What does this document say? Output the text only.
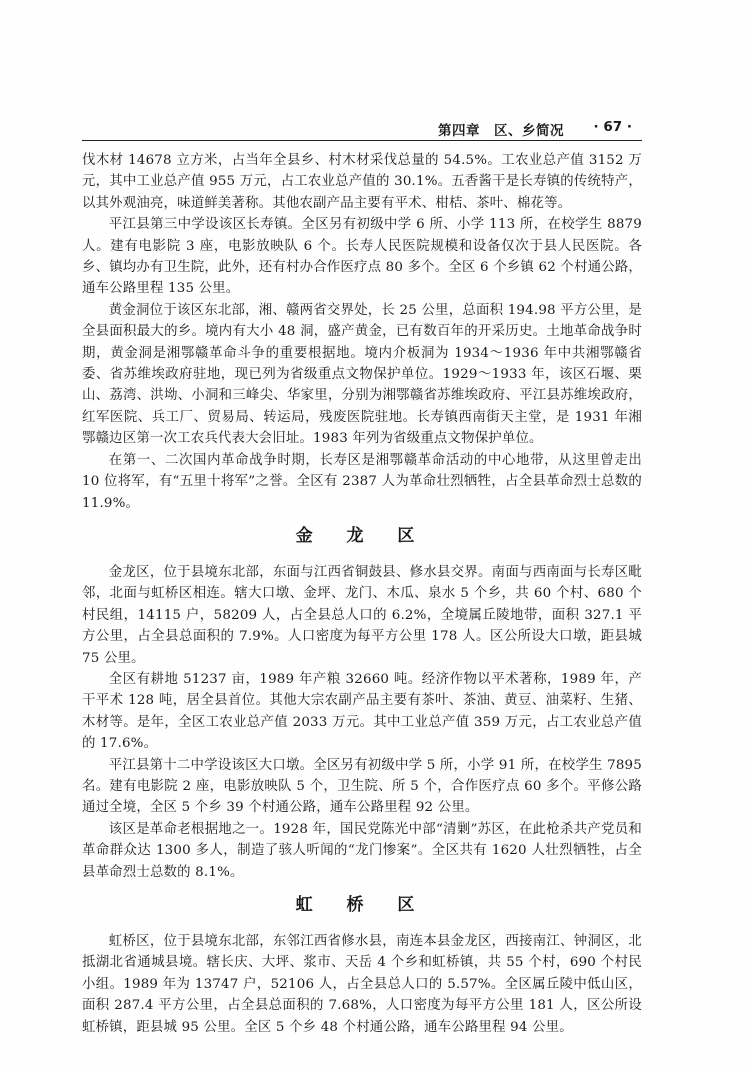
第四章　区、乡简况 · 67 ·

伐木材 14678 立方米，占当年全县乡、村木材采伐总量的 54.5%。工农业总产值 3152 万元，其中工业总产值 955 万元，占工农业总产值的 30.1%。五香酱干是长寿镇的传统特产，以其外观油亮，味道鲜美著称。其他农副产品主要有平术、柑桔、茶叶、棉花等。

平江县第三中学设该区长寿镇。全区另有初级中学 6 所、小学 113 所，在校学生 8879 人。建有电影院 3 座，电影放映队 6 个。长寿人民医院规模和设备仅次于县人民医院。各乡、镇均办有卫生院，此外，还有村办合作医疗点 80 多个。全区 6 个乡镇 62 个村通公路，通车公路里程 135 公里。

黄金洞位于该区东北部，湘、赣两省交界处，长 25 公里，总面积 194.98 平方公里，是全县面积最大的乡。境内有大小 48 洞，盛产黄金，已有数百年的开采历史。土地革命战争时期，黄金洞是湘鄂赣革命斗争的重要根据地。境内介板洞为 1934～1936 年中共湘鄂赣省委、省苏维埃政府驻地，现已列为省级重点文物保护单位。1929～1933 年，该区石堰、栗山、荔湾、洪坳、小洞和三峰尖、华家里，分别为湘鄂赣省苏维埃政府、平江县苏维埃政府，红军医院、兵工厂、贸易局、转运局，残废医院驻地。长寿镇西南街天主堂，是 1931 年湘鄂赣边区第一次工农兵代表大会旧址。1983 年列为省级重点文物保护单位。

在第一、二次国内革命战争时期，长寿区是湘鄂赣革命活动的中心地带，从这里曾走出 10 位将军，有“五里十将军”之誉。全区有 2387 人为革命壮烈牺牲，占全县革命烈士总数的 11.9%。

金 龙 区

金龙区，位于县境东北部，东面与江西省铜鼓县、修水县交界。南面与西南面与长寿区毗邻，北面与虹桥区相连。辖大口墩、金坪、龙门、木瓜、泉水 5 个乡，共 60 个村、680 个村民组，14115 户，58209 人，占全县总人口的 6.2%，全境属丘陵地带，面积 327.1 平方公里，占全县总面积的 7.9%。人口密度为每平方公里 178 人。区公所设大口墩，距县城 75 公里。

全区有耕地 51237 亩，1989 年产粮 32660 吨。经济作物以平术著称，1989 年，产干平术 128 吨，居全县首位。其他大宗农副产品主要有茶叶、茶油、黄豆、油菜籽、生猪、木材等。是年，全区工农业总产值 2033 万元。其中工业总产值 359 万元，占工农业总产值的 17.6%。

平江县第十二中学设该区大口墩。全区另有初级中学 5 所，小学 91 所，在校学生 7895 名。建有电影院 2 座，电影放映队 5 个，卫生院、所 5 个，合作医疗点 60 多个。平修公路通过全境，全区 5 个乡 39 个村通公路，通车公路里程 92 公里。

该区是革命老根据地之一。1928 年，国民党陈光中部“清剿”苏区，在此枪杀共产党员和革命群众达 1300 多人，制造了骇人听闻的“龙门惨案”。全区共有 1620 人壮烈牺牲，占全县革命烈士总数的 8.1%。

虹 桥 区

虹桥区，位于县境东北部，东邻江西省修水县，南连本县金龙区，西接南江、钟洞区，北抵湖北省通城县境。辖长庆、大坪、浆市、天岳 4 个乡和虹桥镇，共 55 个村，690 个村民小组。1989 年为 13747 户，52106 人，占全县总人口的 5.57%。全区属丘陵中低山区，面积 287.4 平方公里，占全县总面积的 7.68%，人口密度为每平方公里 181 人，区公所设虹桥镇，距县城 95 公里。全区 5 个乡 48 个村通公路，通车公路里程 94 公里。
